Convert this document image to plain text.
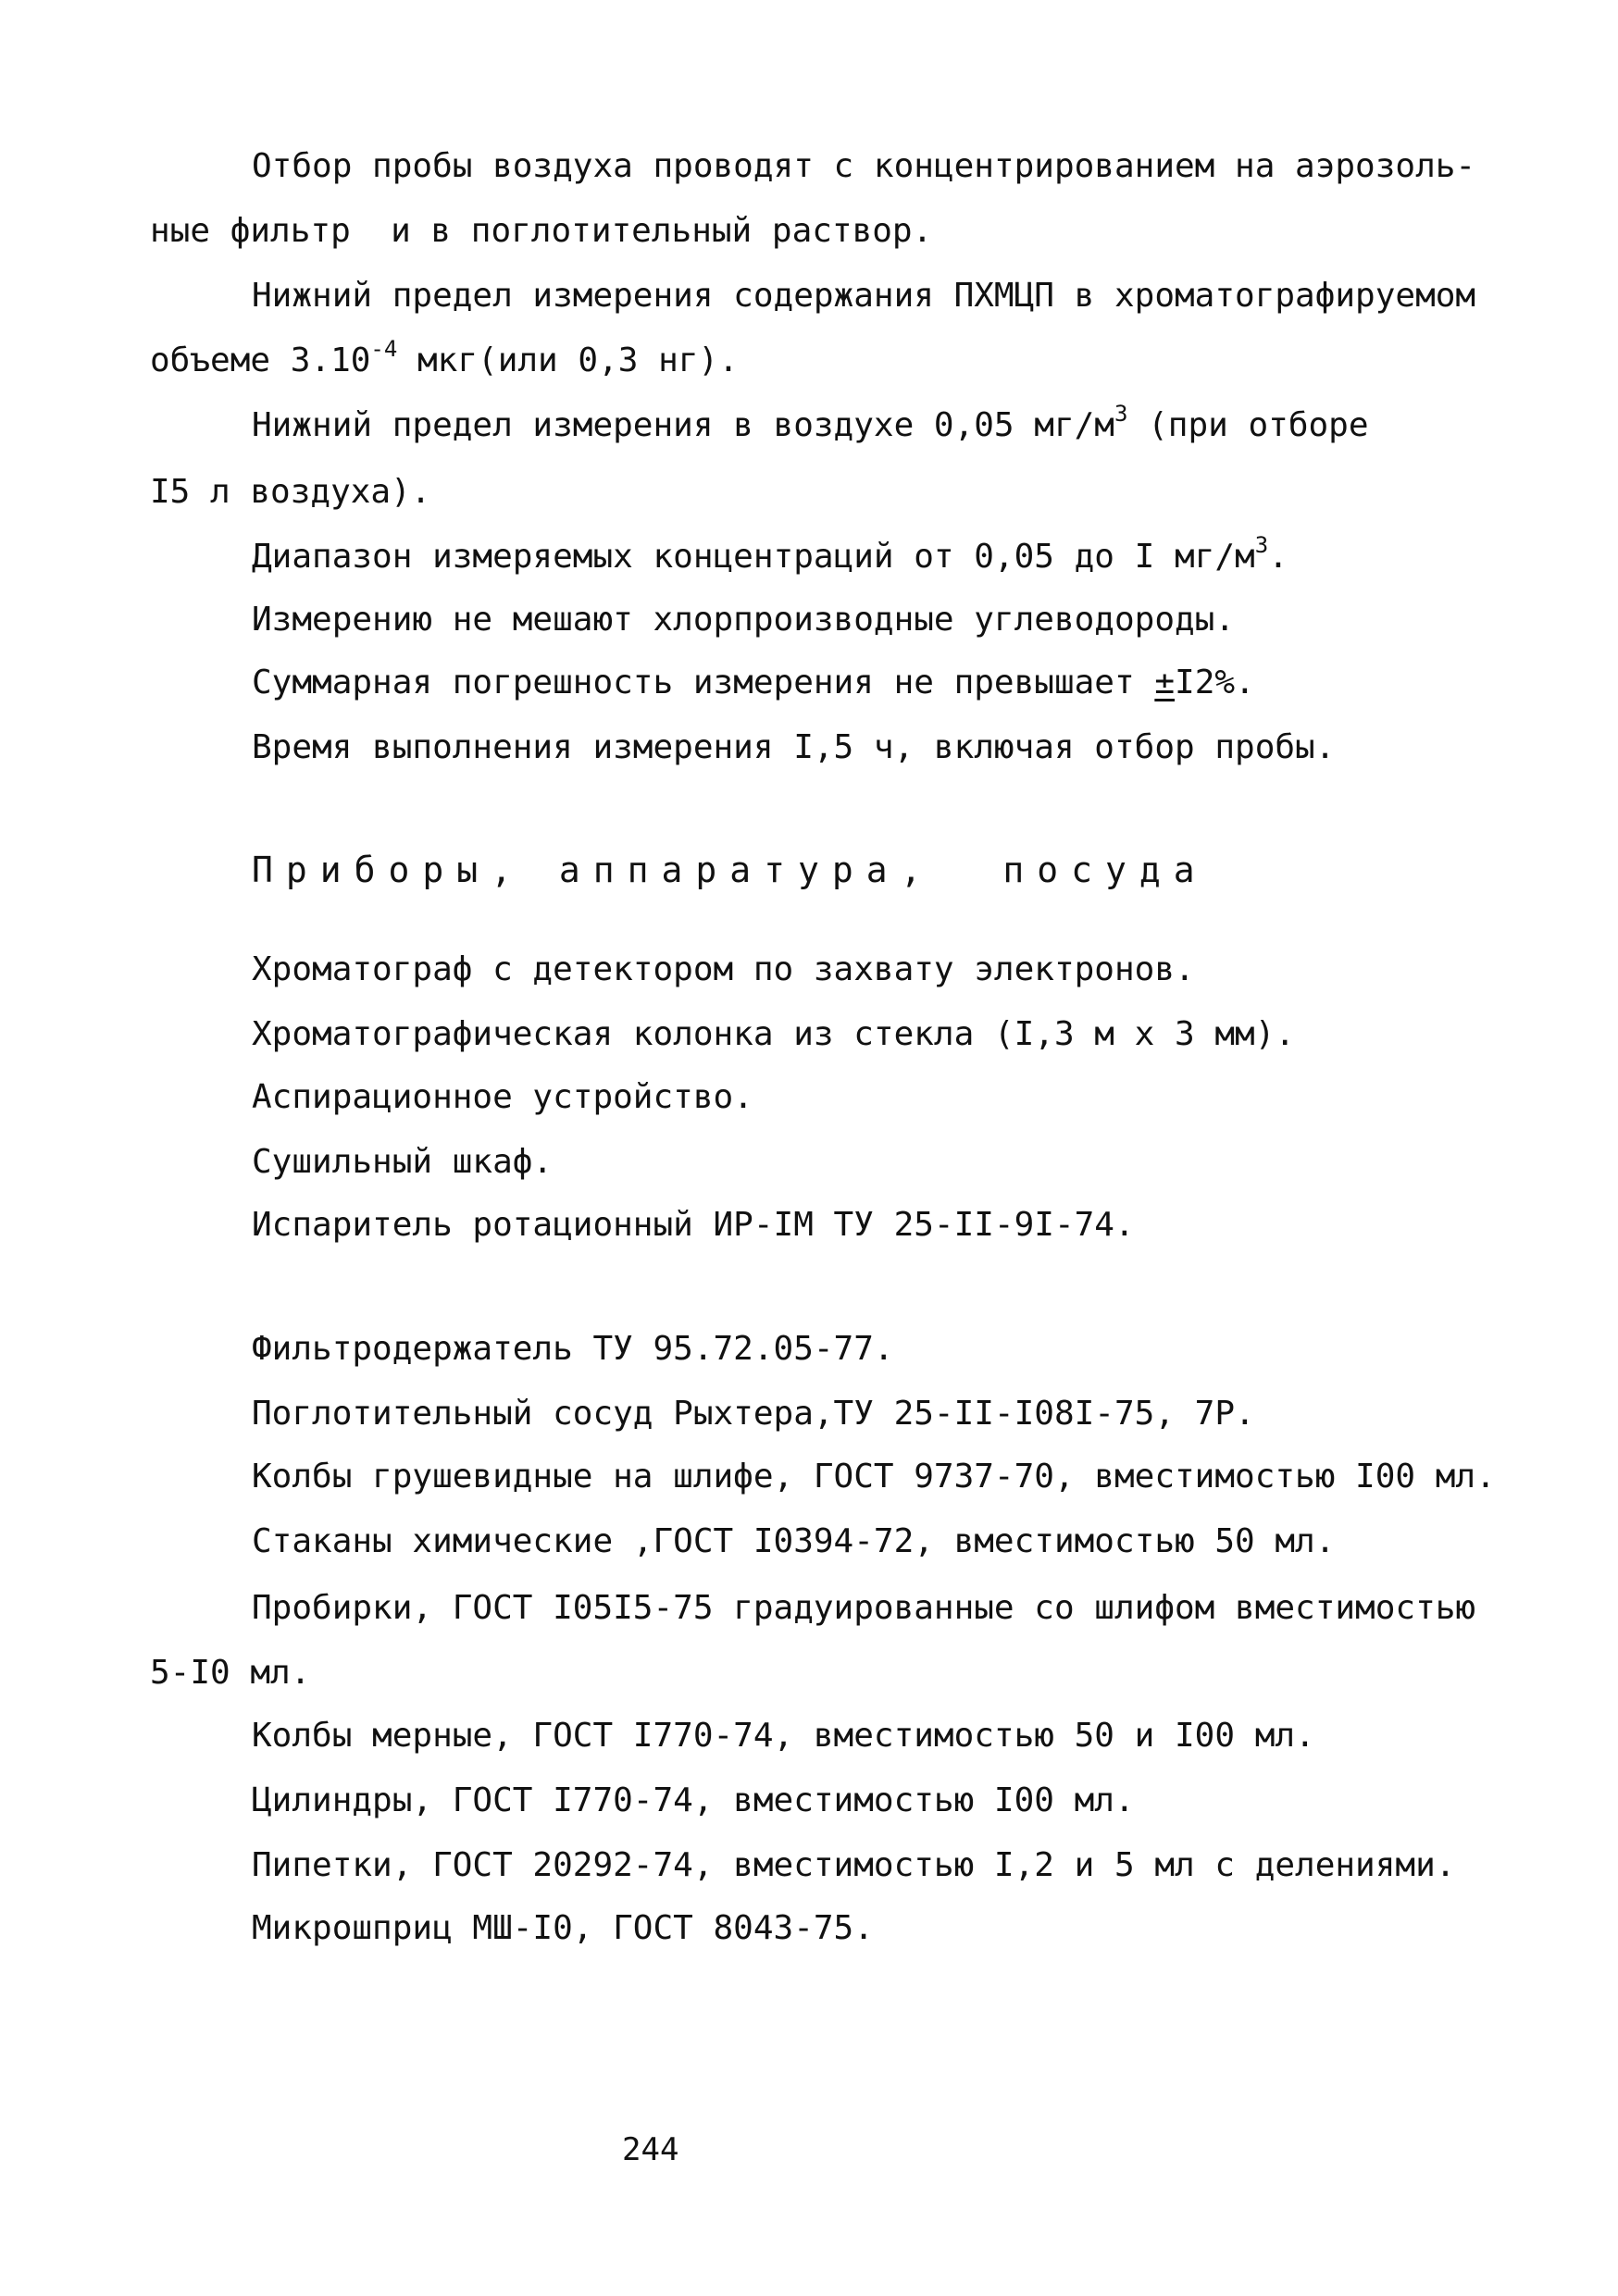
Отбор пробы воздуха проводят с концентрированием на аэрозоль-
ные фильтр  и в поглотительный раствор.
Нижний предел измерения содержания ПХМЦП в хроматографируемом
объеме $3.10^{-4}$ мкг(или 0,3 нг).
Нижний предел измерения в воздухе 0,05 $мг/м^3$ (при отборе
I5 л воздуха).
Диапазон измеряемых концентраций от 0,05 до I $мг/м^3$.
Измерению не мешают хлорпроизводные углеводороды.
Суммарная погрешность измерения не превышает ±I2%.
Время выполнения измерения I,5 ч, включая отбор пробы.
Приборы, аппаратура,  посуда
Хроматограф с детектором по захвату электронов.
Хроматографическая колонка из стекла (I,3 м х 3 мм).
Аспирационное устройство.
Сушильный шкаф.
Испаритель ротационный ИР-IМ ТУ 25-II-9I-74.
Фильтродержатель ТУ 95.72.05-77.
Поглотительный сосуд Рыхтера,ТУ 25-II-I08I-75, 7Р.
Колбы грушевидные на шлифе, ГОСТ 9737-70, вместимостью I00 мл.
Стаканы химические ,ГОСТ I0394-72, вместимостью 50 мл.
Пробирки, ГОСТ I05I5-75 градуированные со шлифом вместимостью
5-I0 мл.
Колбы мерные, ГОСТ I770-74, вместимостью 50 и I00 мл.
Цилиндры, ГОСТ I770-74, вместимостью I00 мл.
Пипетки, ГОСТ 20292-74, вместимостью I,2 и 5 мл с делениями.
Микрошприц МШ-I0, ГОСТ 8043-75.
244
